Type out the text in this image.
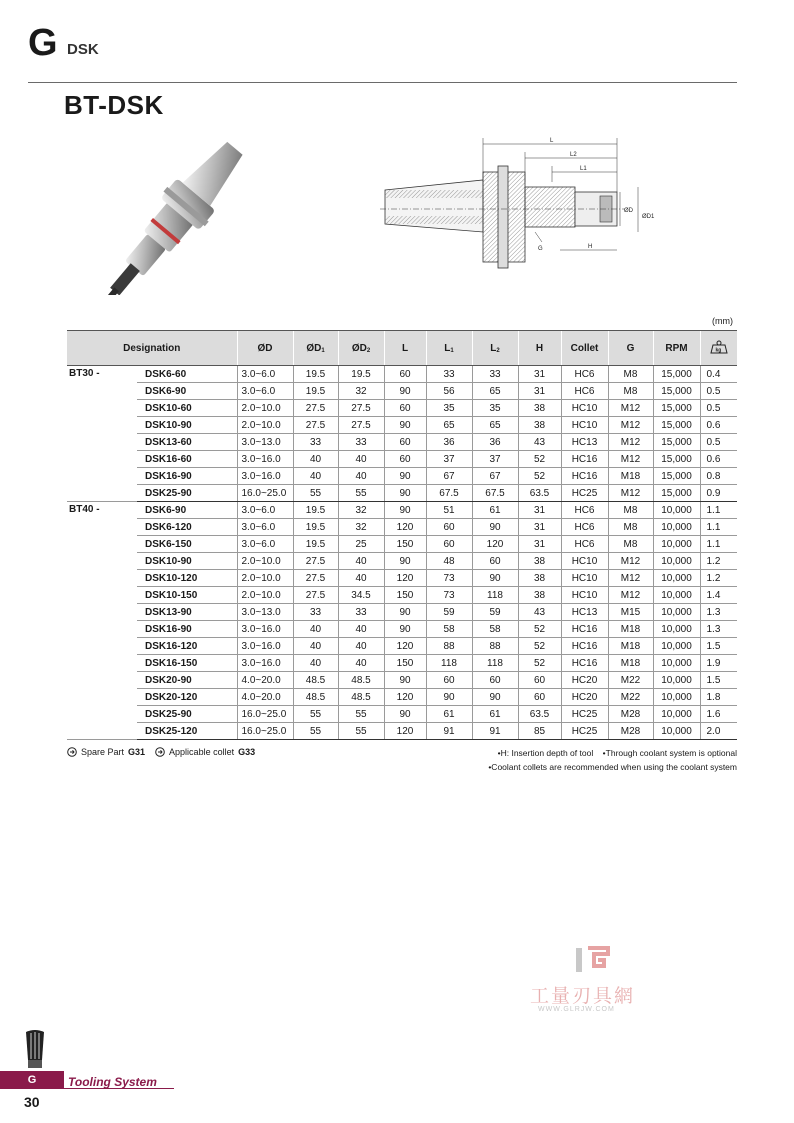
G DSK
BT-DSK
L
L2
L1
ØD
ØD1
H
G
(mm)
Designation		ØD	$ØD_1$	$ØD_2$	L	$L_1$	$L_2$	H	Collet	G	RPM	kg

BT30 -	DSK6-60	3.0~6.0	19.5	19.5	60	33	33	31	HC6	M8	15,000	0.4
	DSK6-90	3.0~6.0	19.5	32	90	56	65	31	HC6	M8	15,000	0.5
	DSK10-60	2.0~10.0	27.5	27.5	60	35	35	38	HC10	M12	15,000	0.5
	DSK10-90	2.0~10.0	27.5	27.5	90	65	65	38	HC10	M12	15,000	0.6
	DSK13-60	3.0~13.0	33	33	60	36	36	43	HC13	M12	15,000	0.5
	DSK16-60	3.0~16.0	40	40	60	37	37	52	HC16	M12	15,000	0.6
	DSK16-90	3.0~16.0	40	40	90	67	67	52	HC16	M18	15,000	0.8
	DSK25-90	16.0~25.0	55	55	90	67.5	67.5	63.5	HC25	M12	15,000	0.9
BT40 -	DSK6-90	3.0~6.0	19.5	32	90	51	61	31	HC6	M8	10,000	1.1
	DSK6-120	3.0~6.0	19.5	32	120	60	90	31	HC6	M8	10,000	1.1
	DSK6-150	3.0~6.0	19.5	25	150	60	120	31	HC6	M8	10,000	1.1
	DSK10-90	2.0~10.0	27.5	40	90	48	60	38	HC10	M12	10,000	1.2
	DSK10-120	2.0~10.0	27.5	40	120	73	90	38	HC10	M12	10,000	1.2
	DSK10-150	2.0~10.0	27.5	34.5	150	73	118	38	HC10	M12	10,000	1.4
	DSK13-90	3.0~13.0	33	33	90	59	59	43	HC13	M15	10,000	1.3
	DSK16-90	3.0~16.0	40	40	90	58	58	52	HC16	M18	10,000	1.3
	DSK16-120	3.0~16.0	40	40	120	88	88	52	HC16	M18	10,000	1.5
	DSK16-150	3.0~16.0	40	40	150	118	118	52	HC16	M18	10,000	1.9
	DSK20-90	4.0~20.0	48.5	48.5	90	60	60	60	HC20	M22	10,000	1.5
	DSK20-120	4.0~20.0	48.5	48.5	120	90	90	60	HC20	M22	10,000	1.8
	DSK25-90	16.0~25.0	55	55	90	61	61	63.5	HC25	M28	10,000	1.6
	DSK25-120	16.0~25.0	55	55	120	91	91	85	HC25	M28	10,000	2.0
Spare Part G31	Applicable collet G33	•H: Insertion depth of tool •Through coolant system is optional
•Coolant collets are recommended when using the coolant system
工量刃具網
WWW.GLRJW.COM
G	Tooling System
30
